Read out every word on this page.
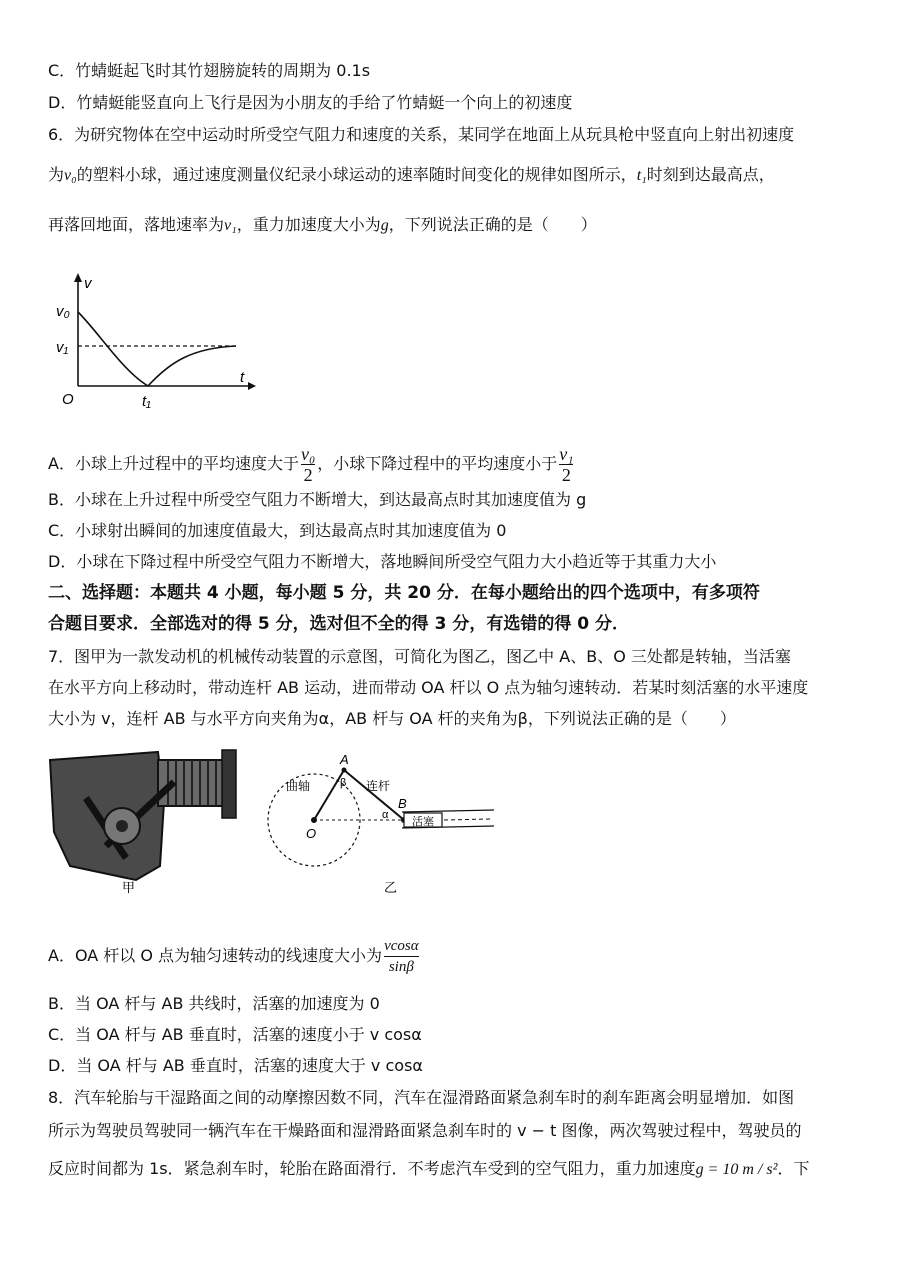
C．竹蜻蜓起飞时其竹翅膀旋转的周期为 0.1s
D．竹蜻蜓能竖直向上飞行是因为小朋友的手给了竹蜻蜓一个向上的初速度
6．为研究物体在空中运动时所受空气阻力和速度的关系，某同学在地面上从玩具枪中竖直向上射出初速度
为v₀的塑料小球，通过速度测量仪纪录小球运动的速率随时间变化的规律如图所示，t₁时刻到达最高点，
再落回地面，落地速率为v₁，重力加速度大小为g，下列说法正确的是（　　）
v
t
O
v₀
v₁
t₁
A．小球上升过程中的平均速度大于 $\frac{\text{v₀}}{2}$ ，小球下降过程中的平均速度小于 $\frac{\text{v₁}}{2}$
B．小球在上升过程中所受空气阻力不断增大，到达最高点时其加速度值为 g
C．小球射出瞬间的加速度值最大，到达最高点时其加速度值为 0
D．小球在下降过程中所受空气阻力不断增大，落地瞬间所受空气阻力大小趋近等于其重力大小
二、选择题：本题共 4 小题，每小题 5 分，共 20 分．在每小题给出的四个选项中，有多项符
合题目要求．全部选对的得 5 分，选对但不全的得 3 分，有选错的得 0 分．
7．图甲为一款发动机的机械传动装置的示意图，可简化为图乙，图乙中 A、B、O 三处都是转轴，当活塞
在水平方向上移动时，带动连杆 AB 运动，进而带动 OA 杆以 O 点为轴匀速转动．若某时刻活塞的水平速度
大小为 v，连杆 AB 与水平方向夹角为α，AB 杆与 OA 杆的夹角为β，下列说法正确的是（　　）
甲
A
B
O
曲轴	连杆
活塞
β
α
乙
A．OA 杆以 O 点为轴匀速转动的线速度大小为 $\frac{vcos\alpha}{\sin\beta}$
B．当 OA 杆与 AB 共线时，活塞的加速度为 0
C．当 OA 杆与 AB 垂直时，活塞的速度小于 v cosα
D．当 OA 杆与 AB 垂直时，活塞的速度大于 v cosα
8．汽车轮胎与干湿路面之间的动摩擦因数不同，汽车在湿滑路面紧急刹车时的刹车距离会明显增加．如图
所示为驾驶员驾驶同一辆汽车在干燥路面和湿滑路面紧急刹车时的 v − t 图像，两次驾驶过程中，驾驶员的
反应时间都为 1s．紧急刹车时，轮胎在路面滑行．不考虑汽车受到的空气阻力，重力加速度g = 10 m / s²．下
